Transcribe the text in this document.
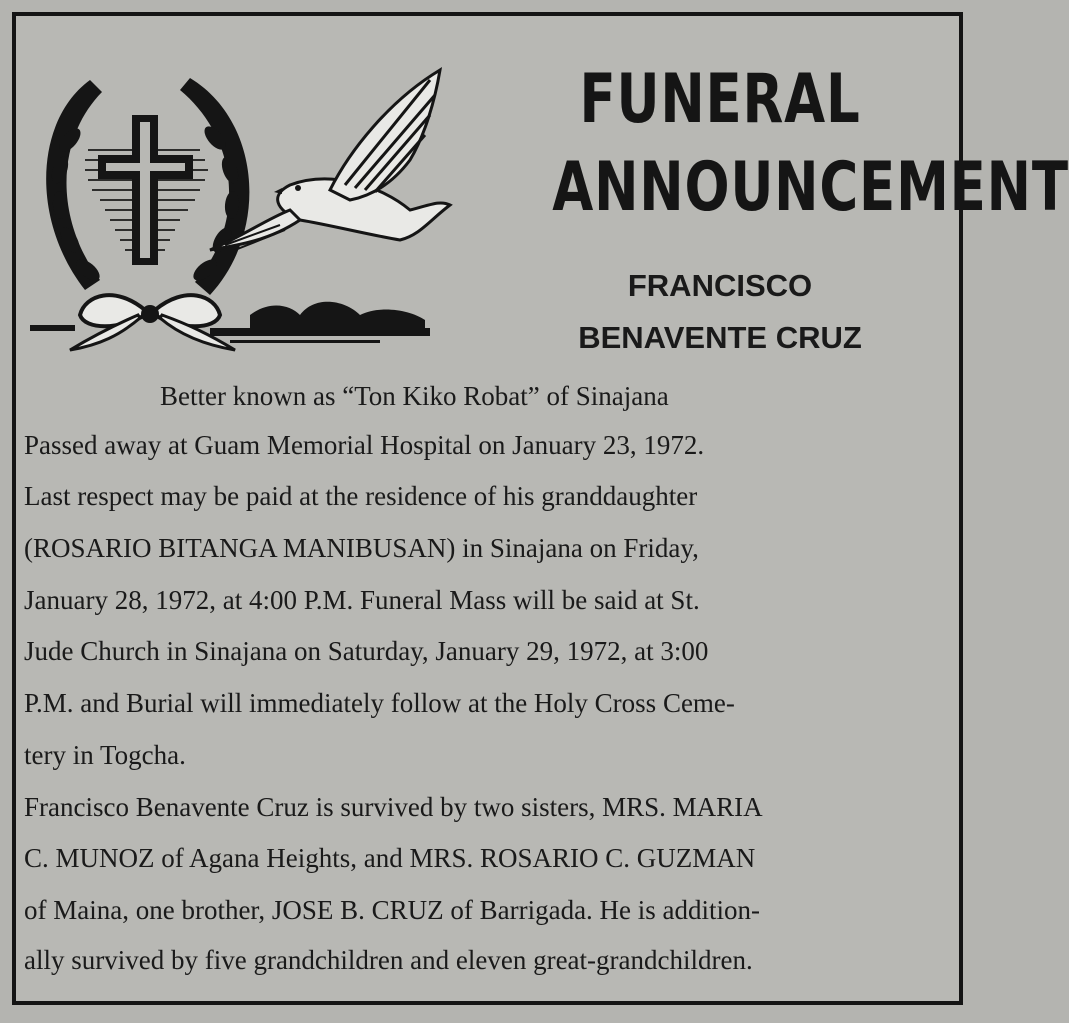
FUNERAL
ANNOUNCEMENT
FRANCISCO
BENAVENTE CRUZ

Better known as “Ton Kiko Robat” of Sinajana

Passed away at Guam Memorial Hospital on January 23, 1972.

Last respect may be paid at the residence of his granddaughter

(ROSARIO BITANGA MANIBUSAN) in Sinajana on Friday,

January 28, 1972, at 4:00 P.M. Funeral Mass will be said at St.

Jude Church in Sinajana on Saturday, January 29, 1972, at 3:00

P.M. and Burial will immediately follow at the Holy Cross Ceme-

tery in Togcha.

Francisco Benavente Cruz is survived by two sisters, MRS. MARIA

C. MUNOZ of Agana Heights, and MRS. ROSARIO C. GUZMAN

of Maina, one brother, JOSE B. CRUZ of Barrigada. He is addition-

ally survived by five grandchildren and eleven great-grandchildren.
